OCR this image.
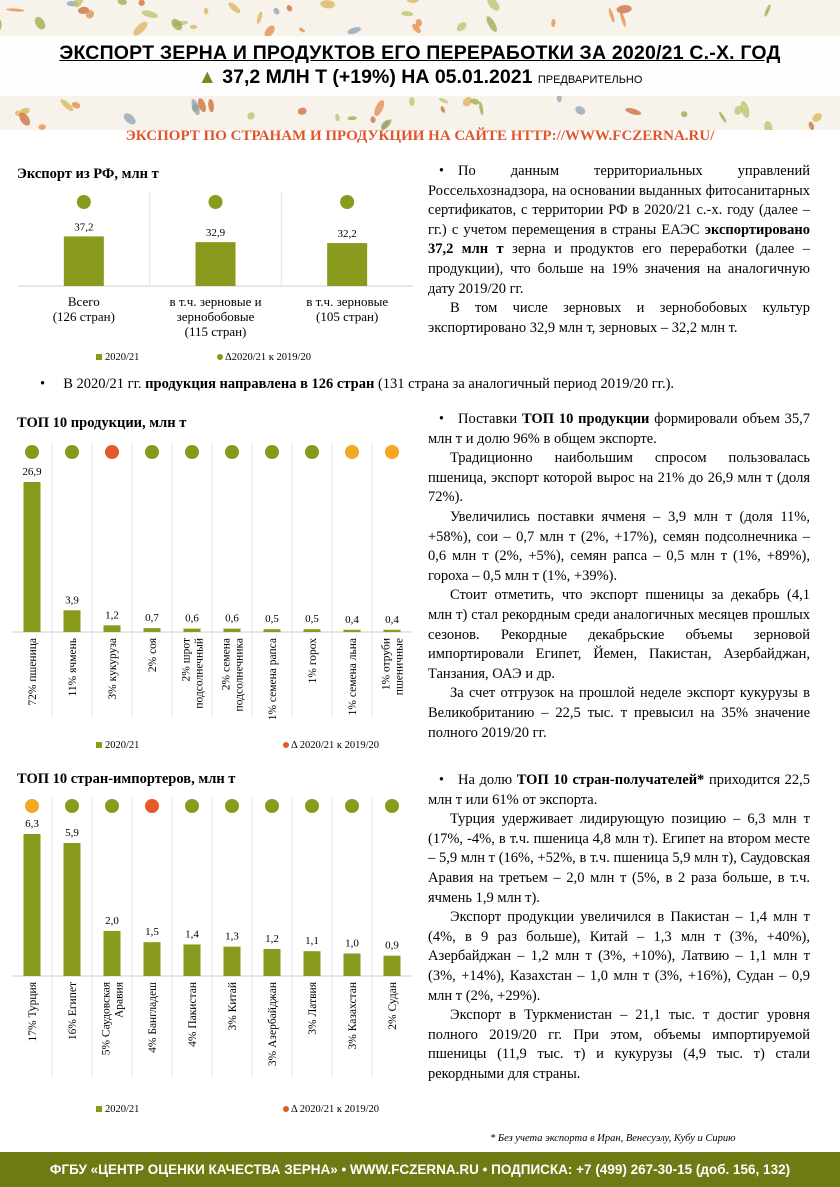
ЭКСПОРТ ЗЕРНА И ПРОДУКТОВ ЕГО ПЕРЕРАБОТКИ ЗА 2020/21 С.-Х. ГОД
▲ 37,2 МЛН Т (+19%) НА 05.01.2021 ПРЕДВАРИТЕЛЬНО
ЭКСПОРТ ПО СТРАНАМ И ПРОДУКЦИИ НА САЙТЕ HTTP://WWW.FCZERNA.RU/
Экспорт из РФ, млн т
37,2
Всего
(126 стран)
32,9
в т.ч. зерновые и
зернобобовые
(115 стран)
32,2
в т.ч. зерновые
(105 стран)
2020/21	Δ2020/21 к 2019/20

• По данным территориальных управлений Россельхознадзора, на основании выданных фитосанитарных сертификатов, с территории РФ в 2020/21 с.-х. году (далее – гг.) с учетом перемещения в страны ЕАЭС экспортировано 37,2 млн т зерна и продуктов его переработки (далее – продукции), что больше на 19% значения на аналогичную дату 2019/20 гг.

В том числе зерновых и зернобобовых культур экспортировано 32,9 млн т, зерновых – 32,2 млн т.

•     В 2020/21 гг. продукция направлена в 126 стран (131 страна за аналогичный период 2019/20 гг.).
ТОП 10 продукции, млн т
26,9
72% пшеница
3,9
11% ячмень
1,2
3% кукуруза
0,7
2% соя
0,6
2% шрот подсолнечный
0,6
2% семена подсолнечника
0,5
1% семена рапса
0,5
1% горох
0,4
1% семена льна
0,4
1% отруби пшеничные
2020/21	Δ 2020/21 к 2019/20

• Поставки ТОП 10 продукции формировали объем 35,7 млн т и долю 96% в общем экспорте.

Традиционно наибольшим спросом пользовалась пшеница, экспорт которой вырос на 21% до 26,9 млн т (доля 72%).

Увеличились поставки ячменя – 3,9 млн т (доля 11%, +58%), сои – 0,7 млн т (2%, +17%), семян подсолнечника – 0,6 млн т (2%, +5%), семян рапса – 0,5 млн т (1%, +89%), гороха – 0,5 млн т (1%, +39%).

Стоит отметить, что экспорт пшеницы за декабрь (4,1 млн т) стал рекордным среди аналогичных месяцев прошлых сезонов. Рекордные декабрьские объемы зерновой импортировали Египет, Йемен, Пакистан, Азербайджан, Танзания, ОАЭ и др.

За счет отгрузок на прошлой неделе экспорт кукурузы в Великобританию – 22,5 тыс. т превысил на 35% значение полного 2019/20 гг.

ТОП 10 стран-импортеров, млн т
6,3
17% Турция
5,9
16% Египет
2,0
5% Саудовская Аравия
1,5
4% Бангладеш
1,4
4% Пакистан
1,3
3% Китай
1,2
3% Азербайджан
1,1
3% Латвия
1,0
3% Казахстан
0,9
2% Судан
2020/21	Δ 2020/21 к 2019/20

• На долю ТОП 10 стран-получателей* приходится 22,5 млн т или 61% от экспорта.

Турция удерживает лидирующую позицию – 6,3 млн т (17%, -4%, в т.ч. пшеница 4,8 млн т). Египет на втором месте – 5,9 млн т (16%, +52%, в т.ч. пшеница 5,9 млн т), Саудовская Аравия на третьем – 2,0 млн т (5%, в 2 раза больше, в т.ч. ячмень 1,9 млн т).

Экспорт продукции увеличился в Пакистан – 1,4 млн т (4%, в 9 раз больше), Китай – 1,3 млн т (3%, +40%), Азербайджан – 1,2 млн т (3%, +10%), Латвию – 1,1 млн т (3%, +14%), Казахстан – 1,0 млн т (3%, +16%), Судан – 0,9 млн т (2%, +29%).

Экспорт в Туркменистан – 21,1 тыс. т достиг уровня полного 2019/20 гг. При этом, объемы импортируемой пшеницы (11,9 тыс. т) и кукурузы (4,9 тыс. т) стали рекордными для страны.

* Без учета экспорта в Иран, Венесуэлу, Кубу и Сирию
ФГБУ «ЦЕНТР ОЦЕНКИ КАЧЕСТВА ЗЕРНА» • WWW.FCZERNA.RU • ПОДПИСКА: +7 (499) 267-30-15 (доб. 156, 132)
